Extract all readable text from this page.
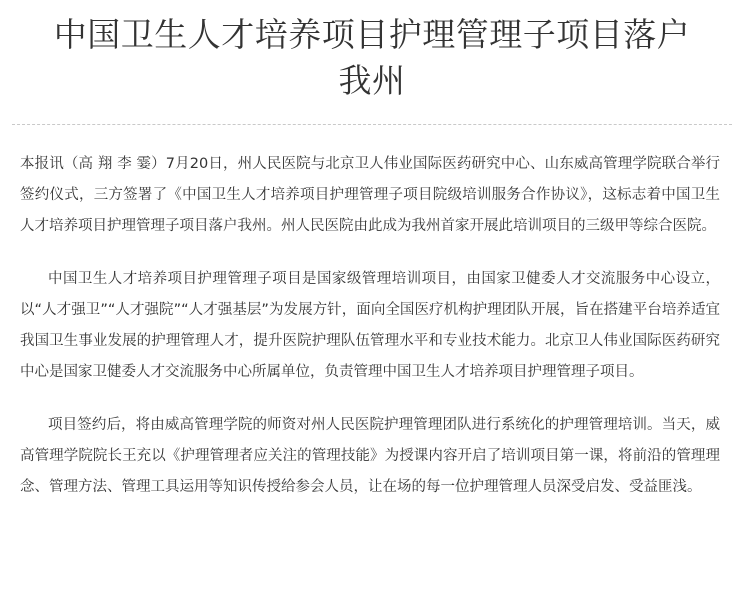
中国卫生人才培养项目护理管理子项目落户
我州

本报讯（高 翔 李 霎）7月20日，州人民医院与北京卫人伟业国际医药研究中心、山东威高管理学院联合举行签约仪式，三方签署了《中国卫生人才培养项目护理管理子项目院级培训服务合作协议》，这标志着中国卫生人才培养项目护理管理子项目落户我州。州人民医院由此成为我州首家开展此培训项目的三级甲等综合医院。

中国卫生人才培养项目护理管理子项目是国家级管理培训项目，由国家卫健委人才交流服务中心设立，以“人才强卫”“人才强院”“人才强基层”为发展方针，面向全国医疗机构护理团队开展，旨在搭建平台培养适宜我国卫生事业发展的护理管理人才，提升医院护理队伍管理水平和专业技术能力。北京卫人伟业国际医药研究中心是国家卫健委人才交流服务中心所属单位，负责管理中国卫生人才培养项目护理管理子项目。

项目签约后，将由威高管理学院的师资对州人民医院护理管理团队进行系统化的护理管理培训。当天，威高管理学院院长王充以《护理管理者应关注的管理技能》为授课内容开启了培训项目第一课，将前沿的管理理念、管理方法、管理工具运用等知识传授给参会人员，让在场的每一位护理管理人员深受启发、受益匪浅。
